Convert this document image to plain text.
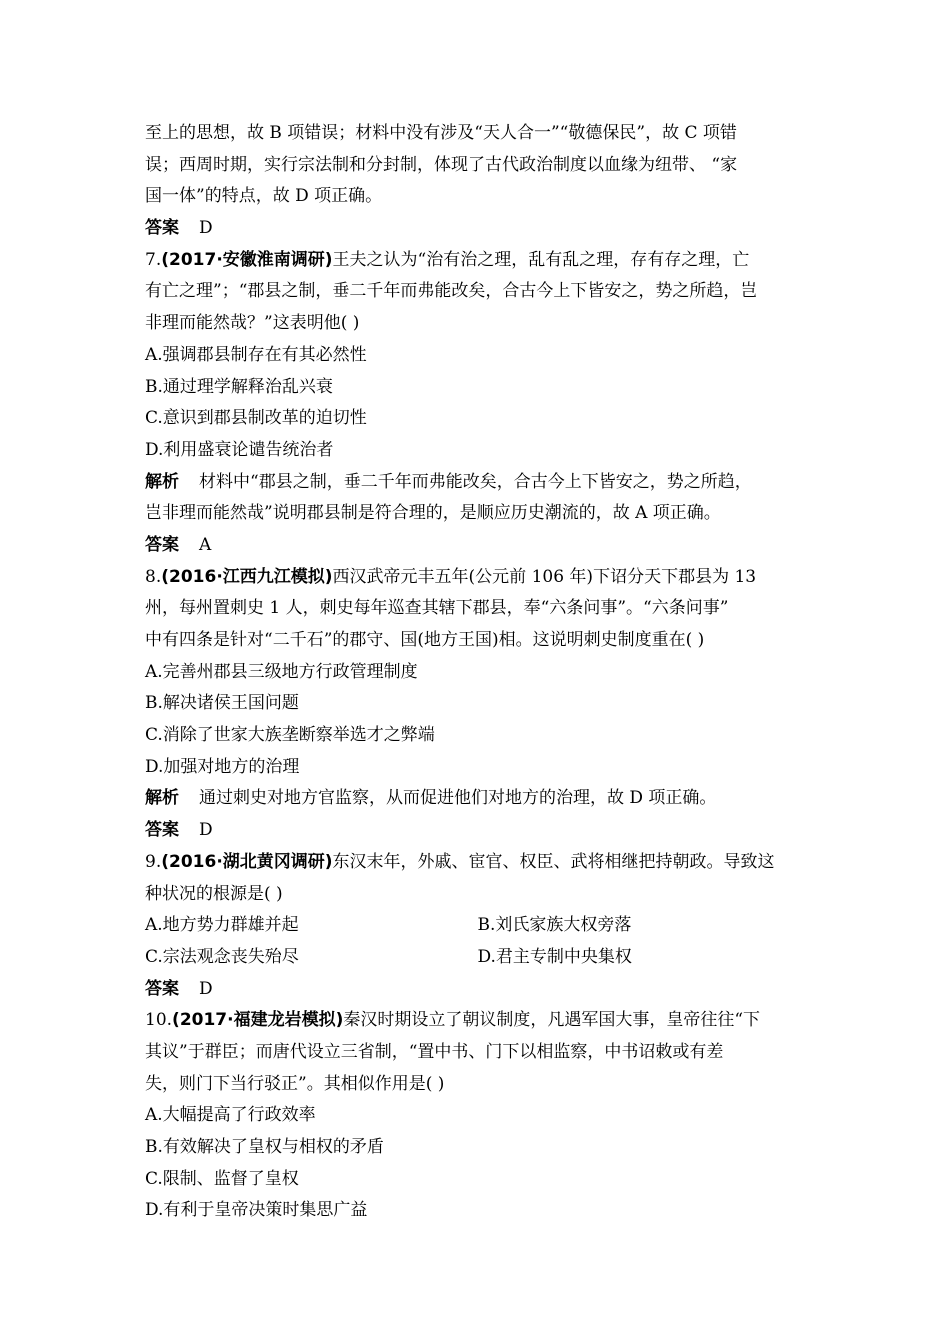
至上的思想，故 B 项错误；材料中没有涉及“天人合一”“敬德保民”，故 C 项错
误；西周时期，实行宗法制和分封制，体现了古代政治制度以血缘为纽带、 “家
国一体”的特点，故 D 项正确。
答案 D
7.(2017·安徽淮南调研)王夫之认为“治有治之理，乱有乱之理，存有存之理，亡
有亡之理”；“郡县之制，垂二千年而弗能改矣，合古今上下皆安之，势之所趋，岂
非理而能然哉？”这表明他( )
A.强调郡县制存在有其必然性
B.通过理学解释治乱兴衰
C.意识到郡县制改革的迫切性
D.利用盛衰论谴告统治者
解析 材料中“郡县之制，垂二千年而弗能改矣，合古今上下皆安之，势之所趋，
岂非理而能然哉”说明郡县制是符合理的，是顺应历史潮流的，故 A 项正确。
答案 A
8.(2016·江西九江模拟)西汉武帝元丰五年(公元前 106 年)下诏分天下郡县为 13
州，每州置刺史 1 人，刺史每年巡查其辖下郡县，奉“六条问事”。“六条问事”
中有四条是针对“二千石”的郡守、国(地方王国)相。这说明刺史制度重在( )
A.完善州郡县三级地方行政管理制度
B.解决诸侯王国问题
C.消除了世家大族垄断察举选才之弊端
D.加强对地方的治理
解析 通过刺史对地方官监察，从而促进他们对地方的治理，故 D 项正确。
答案 D
9.(2016·湖北黄冈调研)东汉末年，外戚、宦官、权臣、武将相继把持朝政。导致这
种状况的根源是( )
A.地方势力群雄并起	B.刘氏家族大权旁落
C.宗法观念丧失殆尽	D.君主专制中央集权
答案 D
10.(2017·福建龙岩模拟)秦汉时期设立了朝议制度，凡遇军国大事，皇帝往往“下
其议”于群臣；而唐代设立三省制，“置中书、门下以相监察，中书诏敕或有差
失，则门下当行驳正”。其相似作用是( )
A.大幅提高了行政效率
B.有效解决了皇权与相权的矛盾
C.限制、监督了皇权
D.有利于皇帝决策时集思广益
